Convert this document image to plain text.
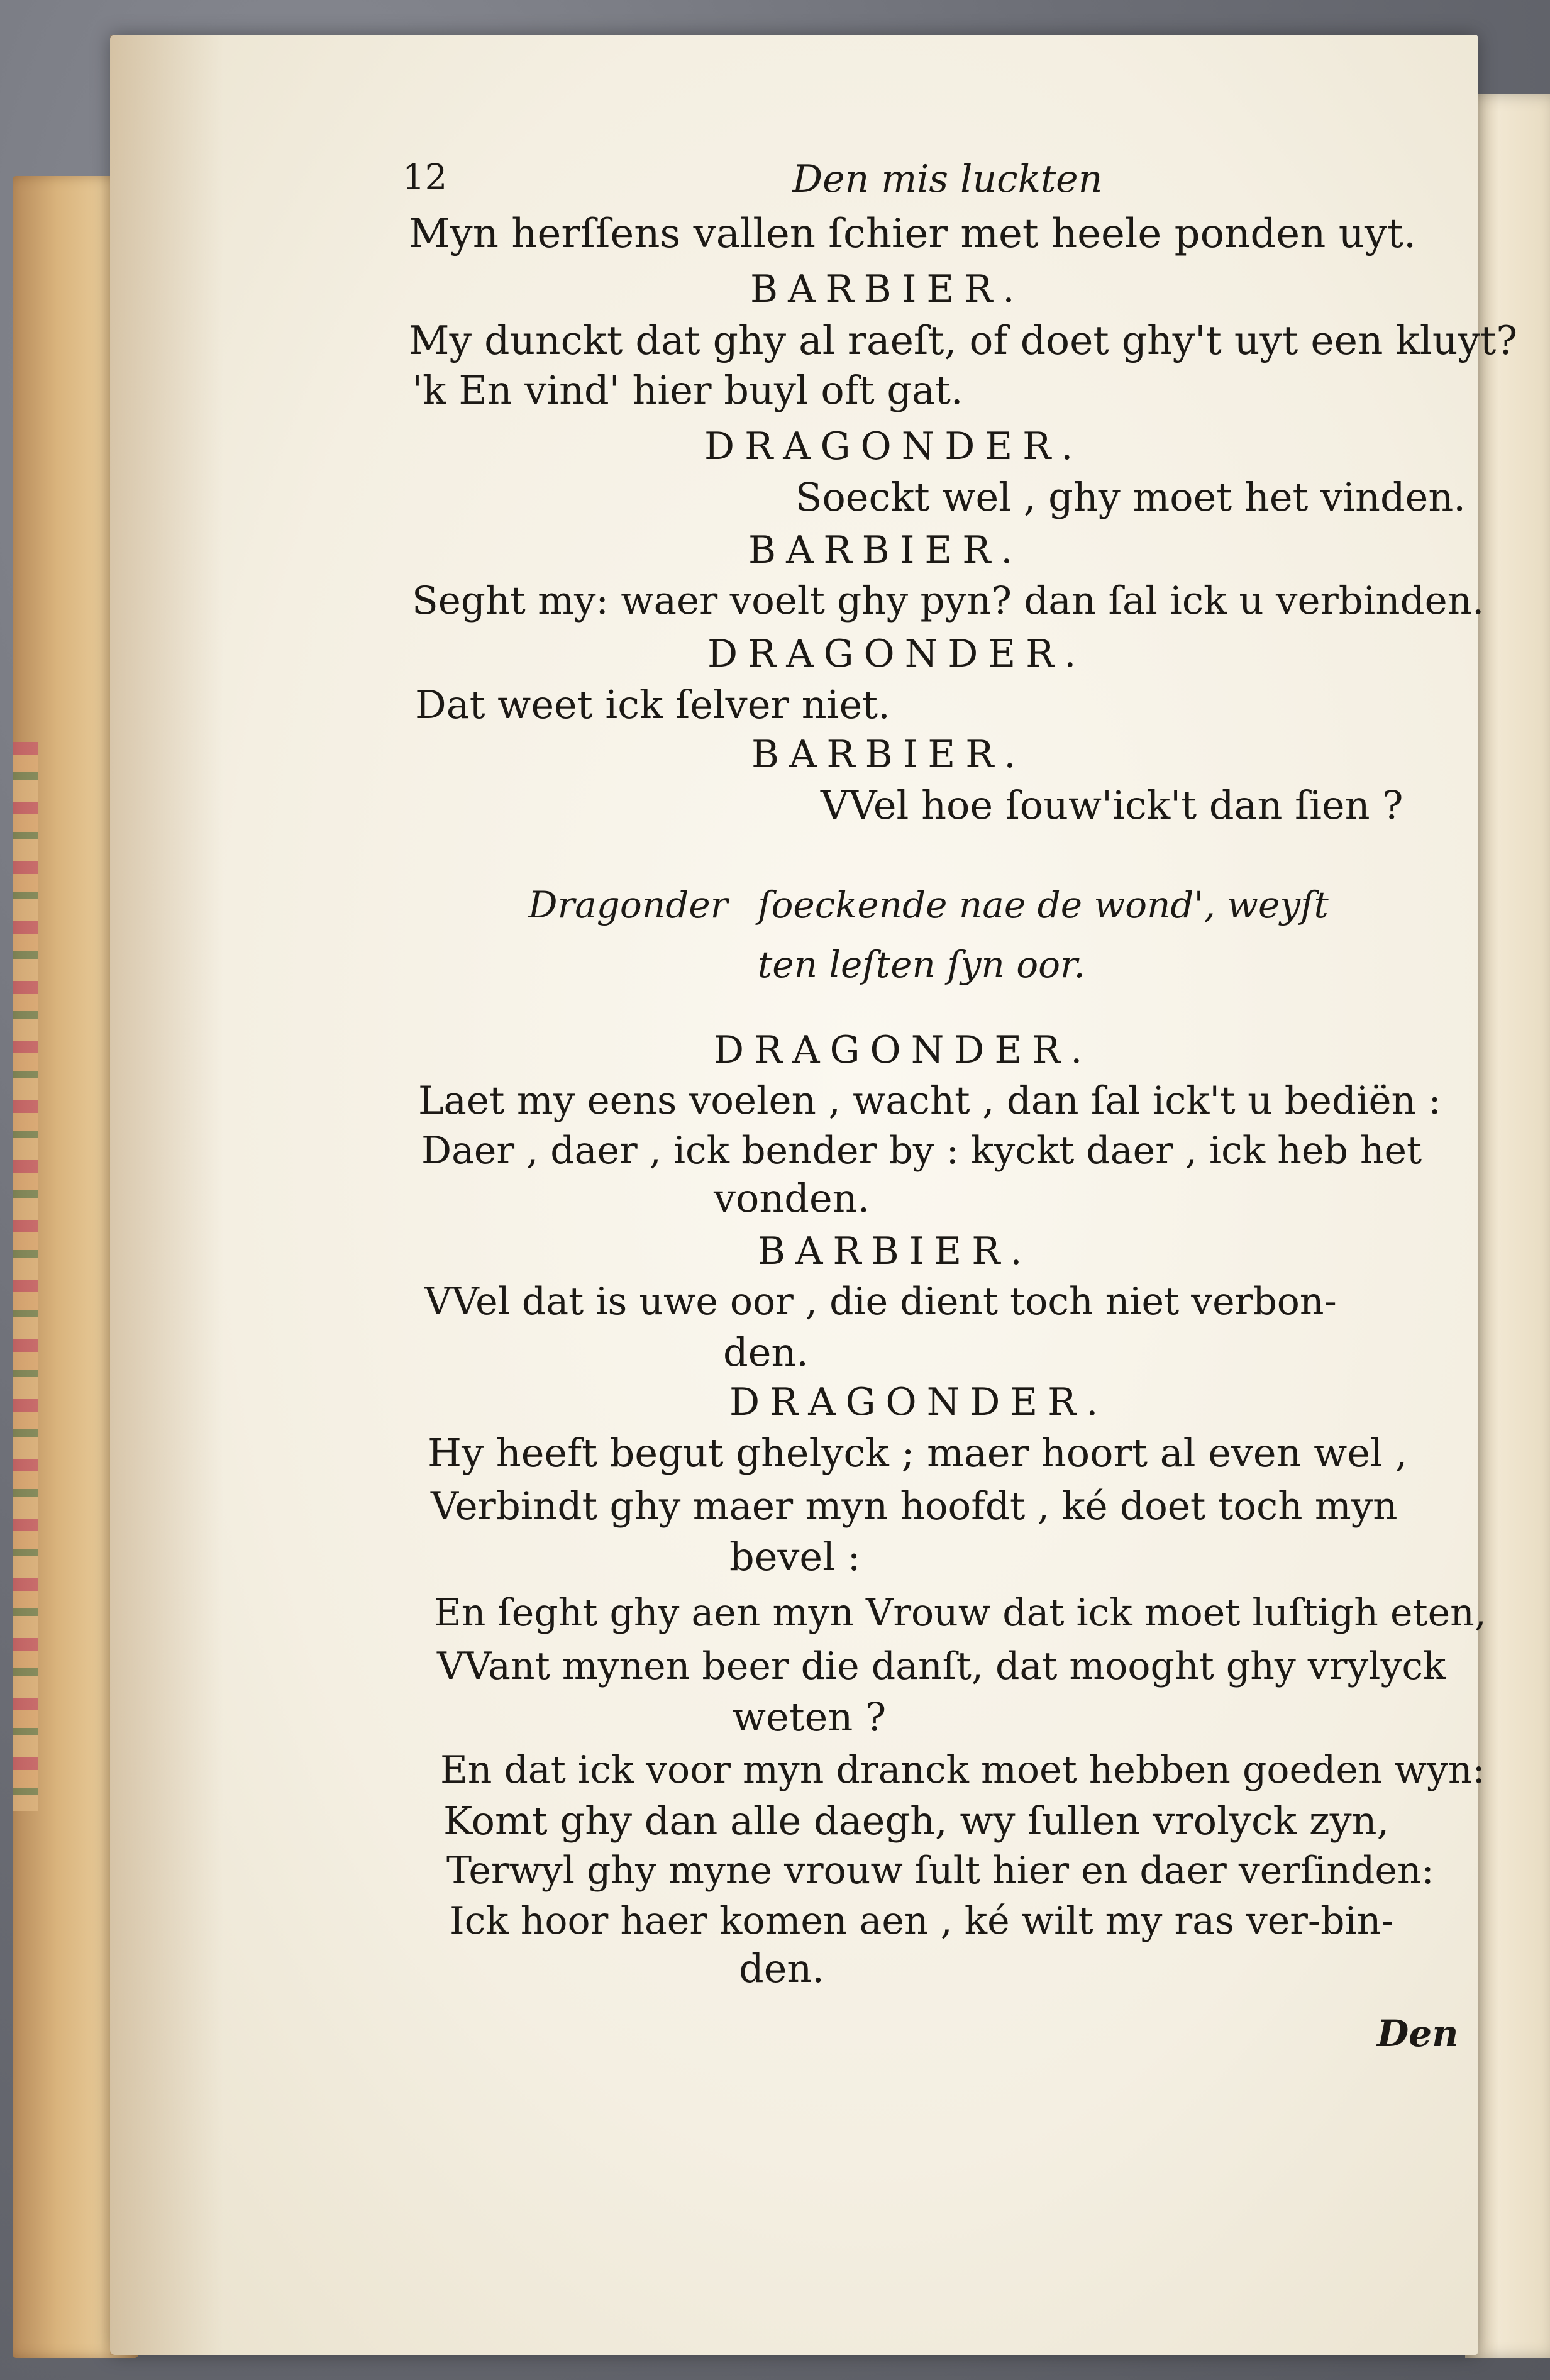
12	Den mis luckten
Myn herſſens vallen ſchier met heele ponden uyt.
BARBIER.
My dunckt dat ghy al raeſt, of doet ghy't uyt een kluyt?
'k En vind' hier buyl oft gat.
DRAGONDER.
Soeckt wel , ghy moet het vinden.
BARBIER.
Seght my: waer voelt ghy pyn? dan ſal ick u verbinden.
DRAGONDER.
Dat weet ick ſelver niet.
BARBIER.
VVel hoe ſouw'ick't dan ſien ?
Dragonder ſoeckende nae de wond', weyſt
ten leſten ſyn oor.
DRAGONDER.
Laet my eens voelen , wacht , dan ſal ick't u bediën :
Daer , daer , ick bender by : kyckt daer , ick heb het
vonden.
BARBIER.
VVel dat is uwe oor , die dient toch niet verbon-
den.
DRAGONDER.
Hy heeft begut ghelyck ; maer hoort al even wel ,
Verbindt ghy maer myn hoofdt , ké doet toch myn
bevel :
En ſeght ghy aen myn Vrouw dat ick moet luſtigh eten,
VVant mynen beer die danſt, dat mooght ghy vrylyck
weten ?
En dat ick voor myn dranck moet hebben goeden wyn:
Komt ghy dan alle daegh, wy ſullen vrolyck zyn,
Terwyl ghy myne vrouw ſult hier en daer verſinden:
Ick hoor haer komen aen , ké wilt my ras ver-bin-
den.
Den
